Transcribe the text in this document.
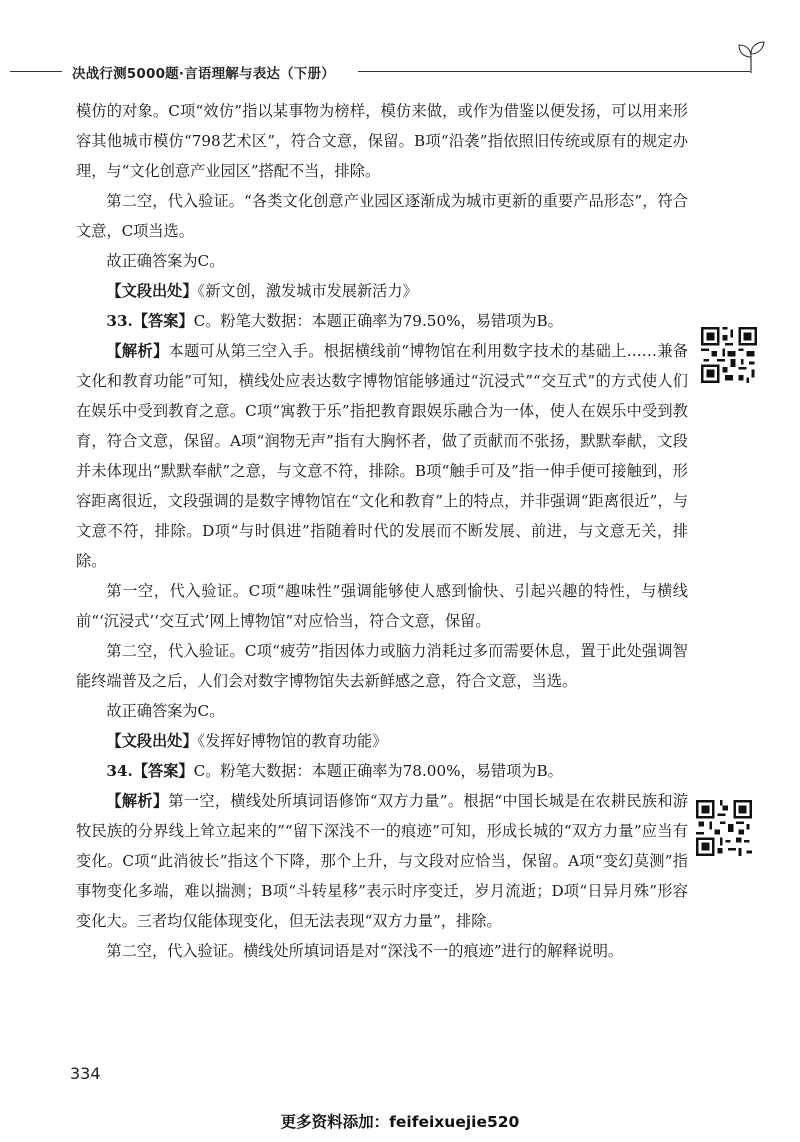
决战行测5000题·言语理解与表达（下册）

模仿的对象。C项“效仿”指以某事物为榜样，模仿来做，或作为借鉴以便发扬，可以用来形容其他城市模仿“798艺术区”，符合文意，保留。B项“沿袭”指依照旧传统或原有的规定办理，与“文化创意产业园区”搭配不当，排除。

第二空，代入验证。“各类文化创意产业园区逐渐成为城市更新的重要产品形态”，符合文意，C项当选。

故正确答案为C。

【文段出处】《新文创，激发城市发展新活力》

33.【答案】C。粉笔大数据：本题正确率为79.50%，易错项为B。

【解析】本题可从第三空入手。根据横线前“博物馆在利用数字技术的基础上……兼备文化和教育功能”可知，横线处应表达数字博物馆能够通过“沉浸式”“交互式”的方式使人们在娱乐中受到教育之意。C项“寓教于乐”指把教育跟娱乐融合为一体，使人在娱乐中受到教育，符合文意，保留。A项“润物无声”指有大胸怀者，做了贡献而不张扬，默默奉献，文段并未体现出“默默奉献”之意，与文意不符，排除。B项“触手可及”指一伸手便可接触到，形容距离很近，文段强调的是数字博物馆在“文化和教育”上的特点，并非强调“距离很近”，与文意不符，排除。D项“与时俱进”指随着时代的发展而不断发展、前进，与文意无关，排除。

第一空，代入验证。C项“趣味性”强调能够使人感到愉快、引起兴趣的特性，与横线前“‘沉浸式’‘交互式’网上博物馆”对应恰当，符合文意，保留。

第二空，代入验证。C项“疲劳”指因体力或脑力消耗过多而需要休息，置于此处强调智能终端普及之后，人们会对数字博物馆失去新鲜感之意，符合文意，当选。

故正确答案为C。

【文段出处】《发挥好博物馆的教育功能》

34.【答案】C。粉笔大数据：本题正确率为78.00%，易错项为B。

【解析】第一空，横线处所填词语修饰“双方力量”。根据“中国长城是在农耕民族和游牧民族的分界线上耸立起来的”“留下深浅不一的痕迹”可知，形成长城的“双方力量”应当有变化。C项“此消彼长”指这个下降，那个上升，与文段对应恰当，保留。A项“变幻莫测”指事物变化多端，难以揣测；B项“斗转星移”表示时序变迁，岁月流逝；D项“日异月殊”形容变化大。三者均仅能体现变化，但无法表现“双方力量”，排除。

第二空，代入验证。横线处所填词语是对“深浅不一的痕迹”进行的解释说明。

334
更多资料添加：feifeixuejie520
